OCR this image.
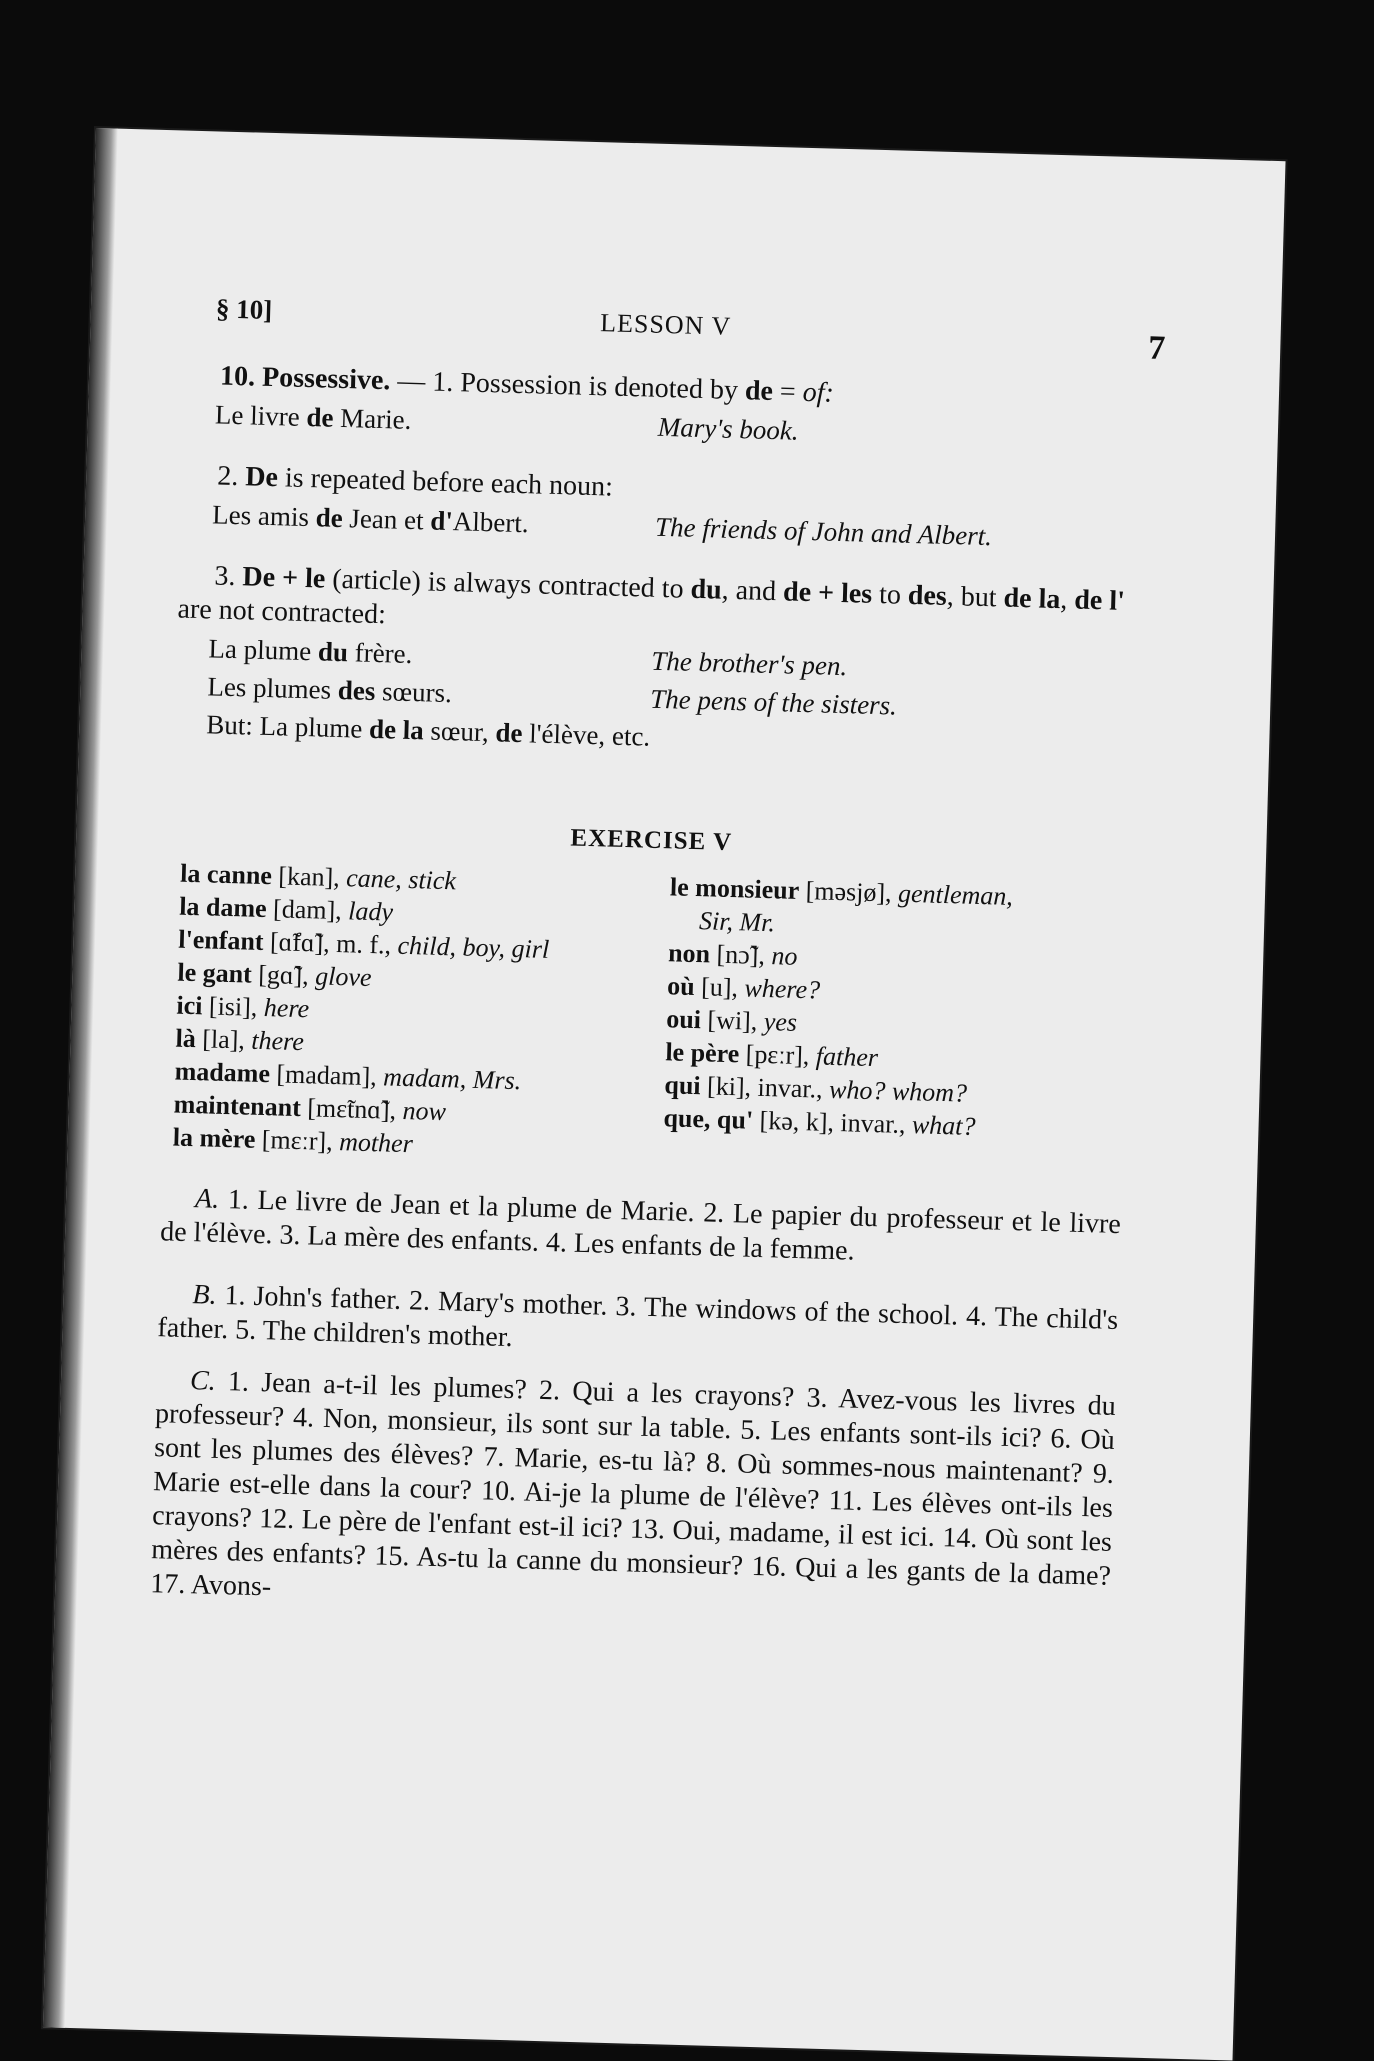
§ 10]	LESSON V
7

10. Possessive. — 1. Possession is denoted by de = of:

Le livre de Marie.	Mary's book.

2. De is repeated before each noun:

Les amis de Jean et d'Albert.	The friends of John and Albert.

3. De + le (article) is always contracted to du, and de + les to des, but de la, de l' are not contracted:

La plume du frère.	The brother's pen.
Les plumes des sœurs.	The pens of the sisters.
But: La plume de la sœur, de l'élève, etc.
EXERCISE V
la canne [kan], cane, stick
la dame [dam], lady
l'enfant [ɑ̃fɑ̃], m. f., child, boy, girl
le gant [gɑ̃], glove
ici [isi], here
là [la], there
madame [madam], madam, Mrs.
maintenant [mɛ̃tnɑ̃], now
la mère [mɛːr], mother
le monsieur [məsjø], gentleman,
Sir, Mr.
non [nɔ̃], no
où [u], where?
oui [wi], yes
le père [pɛːr], father
qui [ki], invar., who? whom?
que, qu' [kə, k], invar., what?

A. 1. Le livre de Jean et la plume de Marie. 2. Le papier du professeur et le livre de l'élève. 3. La mère des enfants. 4. Les enfants de la femme.

B. 1. John's father. 2. Mary's mother. 3. The windows of the school. 4. The child's father. 5. The children's mother.

C. 1. Jean a-t-il les plumes? 2. Qui a les crayons? 3. Avez-vous les livres du professeur? 4. Non, monsieur, ils sont sur la table. 5. Les enfants sont-ils ici? 6. Où sont les plumes des élèves? 7. Marie, es-tu là? 8. Où sommes-nous maintenant? 9. Marie est-elle dans la cour? 10. Ai-je la plume de l'élève? 11. Les élèves ont-ils les crayons? 12. Le père de l'enfant est-il ici? 13. Oui, madame, il est ici. 14. Où sont les mères des enfants? 15. As-tu la canne du monsieur? 16. Qui a les gants de la dame? 17. Avons-
